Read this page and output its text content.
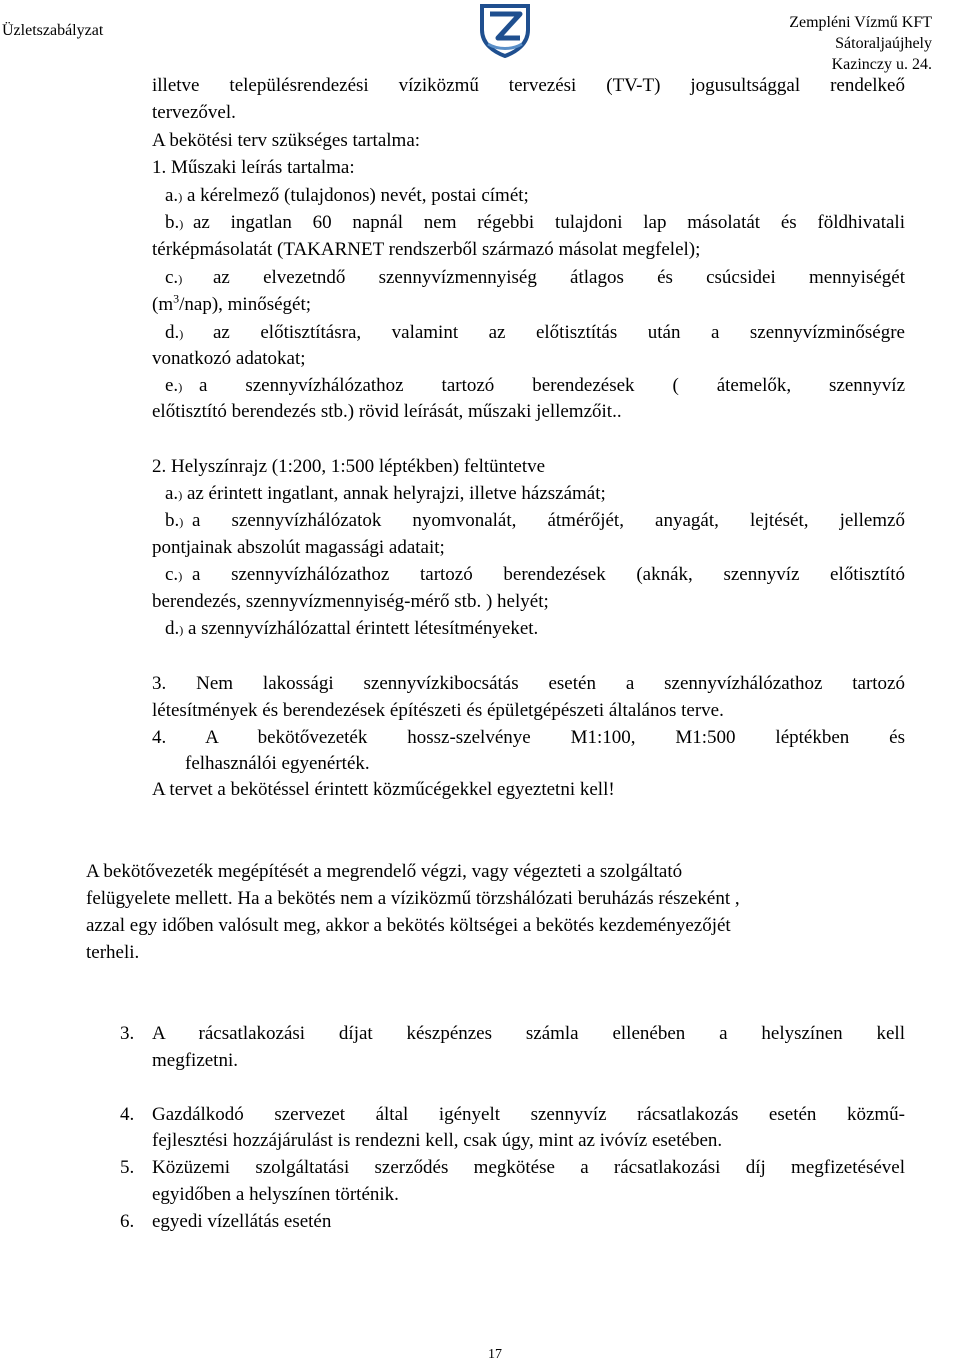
Üzletszabályzat	Zempléni Vízmű KFT
Sátoraljaújhely
Kazinczy u. 24.
illetve településrendezési víziközmű tervezési (TV-T) jogusultsággal rendelkeő
tervezővel.
A bekötési terv szükséges tartalma:
1. Műszaki leírás tartalma:
a.) a kérelmező (tulajdonos) nevét, postai címét;
b.) az ingatlan 60 napnál nem régebbi tulajdoni lap másolatát és földhivatali
térképmásolatát (TAKARNET rendszerből származó másolat megfelel);
c.) az elvezetndő szennyvízmennyiség átlagos és csúcsidei mennyiségét
$(m^3/nap)$, minőségét;
d.) az előtisztításra, valamint az előtisztítás után a szennyvízminőségre
vonatkozó adatokat;
e.) a szennyvízhálózathoz tartozó berendezések ( átemelők, szennyvíz
előtisztító berendezés stb.) rövid leírását, műszaki jellemzőit..
2. Helyszínrajz (1:200, 1:500 léptékben) feltüntetve
a.) az érintett ingatlant, annak helyrajzi, illetve házszámát;
b.) a szennyvízhálózatok nyomvonalát, átmérőjét, anyagát, lejtését, jellemző
pontjainak abszolút magassági adatait;
c.) a szennyvízhálózathoz tartozó berendezések (aknák, szennyvíz előtisztító
berendezés, szennyvízmennyiség-mérő stb. ) helyét;
d.) a szennyvízhálózattal érintett létesítményeket.
3. Nem lakossági szennyvízkibocsátás esetén a szennyvízhálózathoz tartozó
létesítmények és berendezések építészeti és épületgépészeti általános terve.
4. A bekötővezeték hossz-szelvénye M1:100, M1:500 léptékben és
felhasználói egyenérték.
A tervet a bekötéssel érintett közműcégekkel egyeztetni kell!
A bekötővezeték megépítését a megrendelő végzi, vagy végezteti a szolgáltató
felügyelete mellett. Ha a bekötés nem a víziközmű törzshálózati beruházás részeként ,
azzal egy időben valósult meg, akkor a bekötés költségei a bekötés kezdeményezőjét
terheli.
3. A rácsatlakozási díjat készpénzes számla ellenében a helyszínen kell
megfizetni.
4. Gazdálkodó szervezet által igényelt szennyvíz rácsatlakozás esetén közmű-
fejlesztési hozzájárulást is rendezni kell, csak úgy, mint az ivóvíz esetében.
5. Közüzemi szolgáltatási szerződés megkötése a rácsatlakozási díj megfizetésével
egyidőben a helyszínen történik.
6. egyedi vízellátás esetén
17
